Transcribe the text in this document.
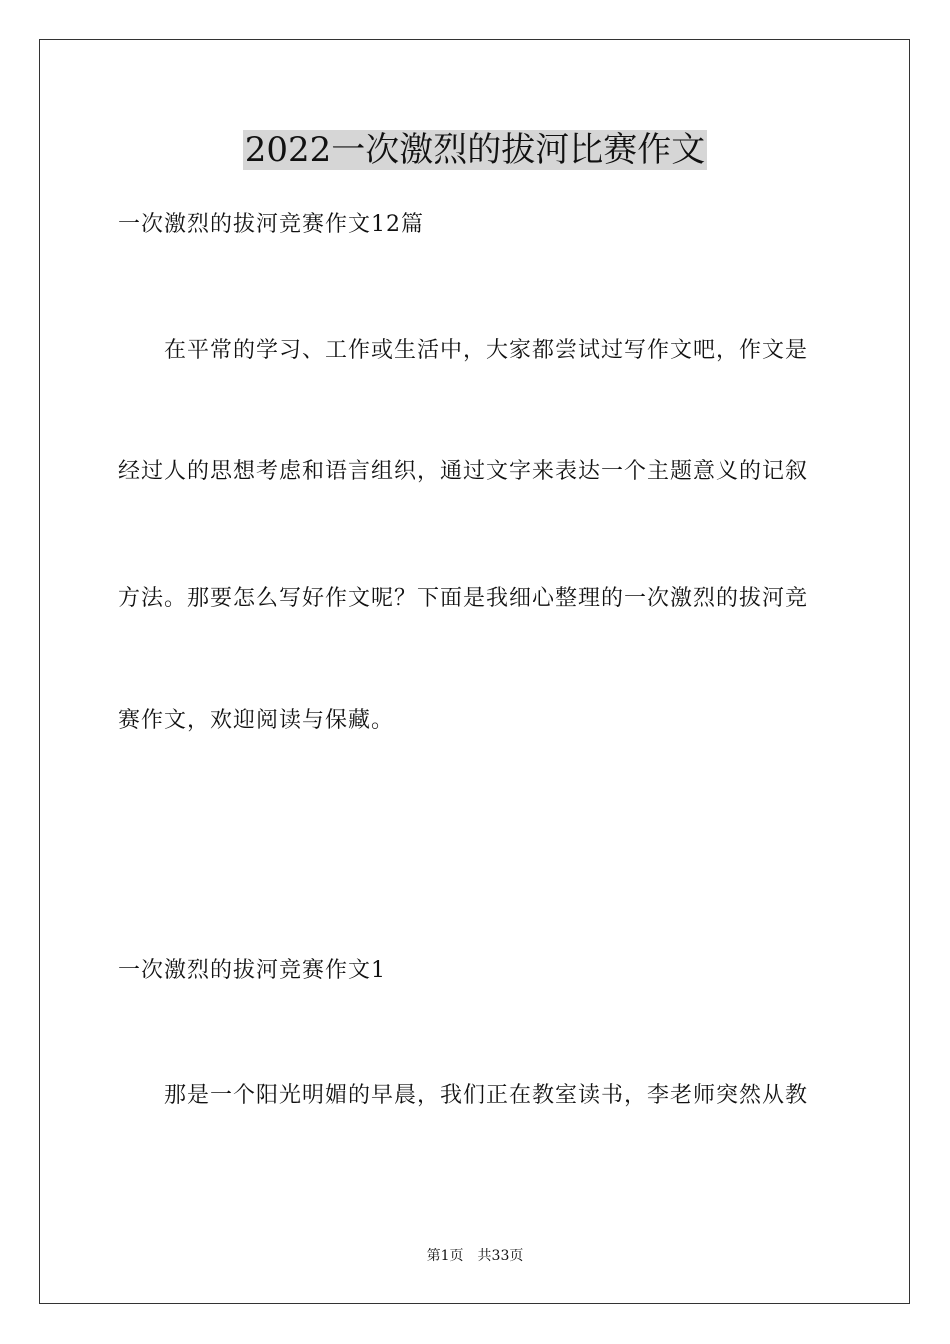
2022一次激烈的拔河比赛作文
一次激烈的拔河竞赛作文12篇
　　在平常的学习、工作或生活中，大家都尝试过写作文吧，作文是
经过人的思想考虑和语言组织，通过文字来表达一个主题意义的记叙
方法。那要怎么写好作文呢？下面是我细心整理的一次激烈的拔河竞
赛作文，欢迎阅读与保藏。
一次激烈的拔河竞赛作文1
　　那是一个阳光明媚的早晨，我们正在教室读书，李老师突然从教
第1页　共33页
